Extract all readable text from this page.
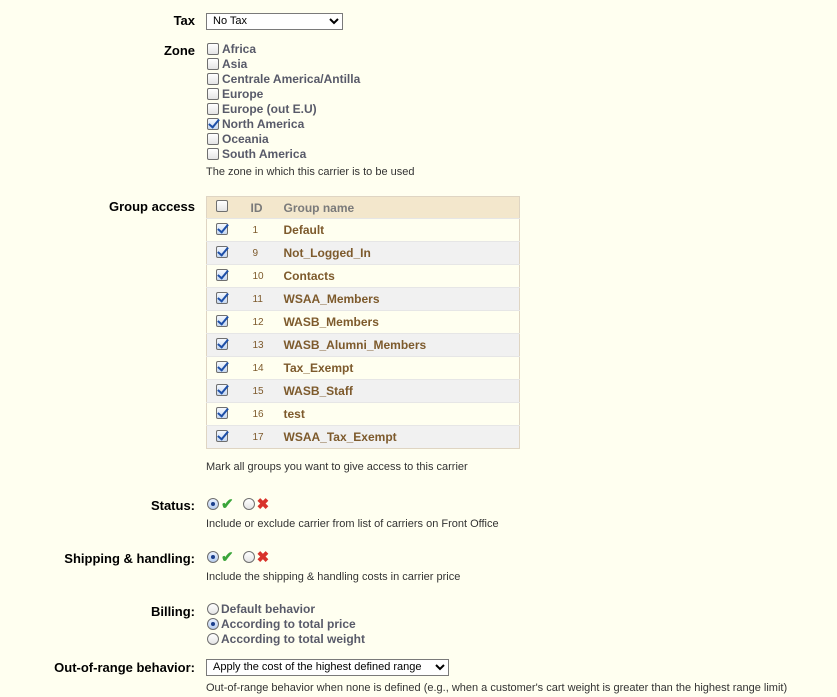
Tax
No Tax
Zone Africa
Asia
Centrale America/Antilla
Europe
Europe (out E.U)
North America
Oceania
South America
The zone in which this carrier is to be used
Group access
		ID	Group name
	1	Default
	9	Not_Logged_In
	10	Contacts
	11	WSAA_Members
	12	WASB_Members
	13	WASB_Alumni_Members
	14	Tax_Exempt
	15	WASB_Staff
	16	test
	17	WSAA_Tax_Exempt
Mark all groups you want to give access to this carrier
Status: ✔ ✖
Include or exclude carrier from list of carriers on Front Office
Shipping & handling: ✔ ✖
Include the shipping & handling costs in carrier price
Billing: Default behavior
According to total price
According to total weight
Out-of-range behavior:
Apply the cost of the highest defined range
Out-of-range behavior when none is defined (e.g., when a customer's cart weight is greater than the highest range limit)
